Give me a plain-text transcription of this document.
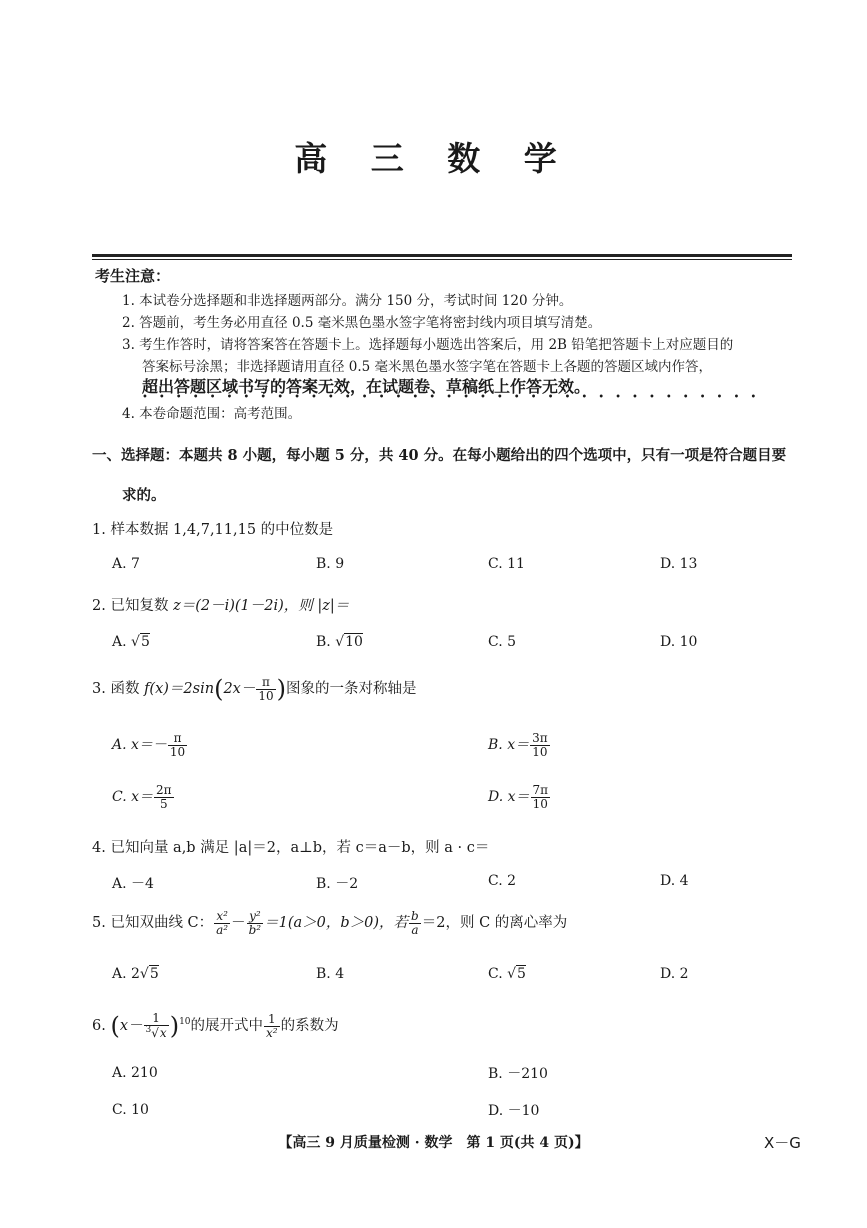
高 三 数 学
考生注意：
1. 本试卷分选择题和非选择题两部分。满分 150 分，考试时间 120 分钟。
2. 答题前，考生务必用直径 0.5 毫米黑色墨水签字笔将密封线内项目填写清楚。
3. 考生作答时，请将答案答在答题卡上。选择题每小题选出答案后，用 2B 铅笔把答题卡上对应题目的
答案标号涂黑；非选择题请用直径 0.5 毫米黑色墨水签字笔在答题卡上各题的答题区域内作答，
超出答题区域书写的答案无效，在试题卷、草稿纸上作答无效。
•••••••••••••••••••••••••••••••••••••
4. 本卷命题范围：高考范围。
一、选择题：本题共 8 小题，每小题 5 分，共 40 分。在每小题给出的四个选项中，只有一项是符合题目要
求的。
1. 样本数据 1,4,7,11,15 的中位数是
A. 7	B. 9	C. 11	D. 13
2. 已知复数 z＝(2－i)(1－2i)，则 |z|＝
A. √5	B. √10	C. 5	D. 10
3. 函数 $f(x)=2\sin(2x- \frac{\pi}{10}$ )图象的一条对称轴是
A. $x=- \frac{\pi}{10}$	B. $x= \frac{3\pi}{10}$
C. $x= \frac{2\pi}{5}$	D. $x= \frac{7\pi}{10}$
4. 已知向量 a,b 满足 |a|＝2，a⊥b，若 c＝a－b，则 a · c＝
A. －4	B. －2	C. 2	D. 4
5. 已知双曲线 C： $\frac{\text{x²}}{\text{a²}} - \frac{\text{y²}}{\text{b²}} =1(a>0$，b＞0)，若 $\frac{b}{a} =2$，则 C 的离心率为
A. 2√5	B. 4	C. √5	D. 2
6. $(x- \frac{1}{^3√x} )^{10}$的展开式中 $\frac{1}{\text{x²}}$ 的系数为
A. 210	B. －210
C. 10	D. －10
【高三 9 月质量检测 · 数学　第 1 页(共 4 页)】	X－G
